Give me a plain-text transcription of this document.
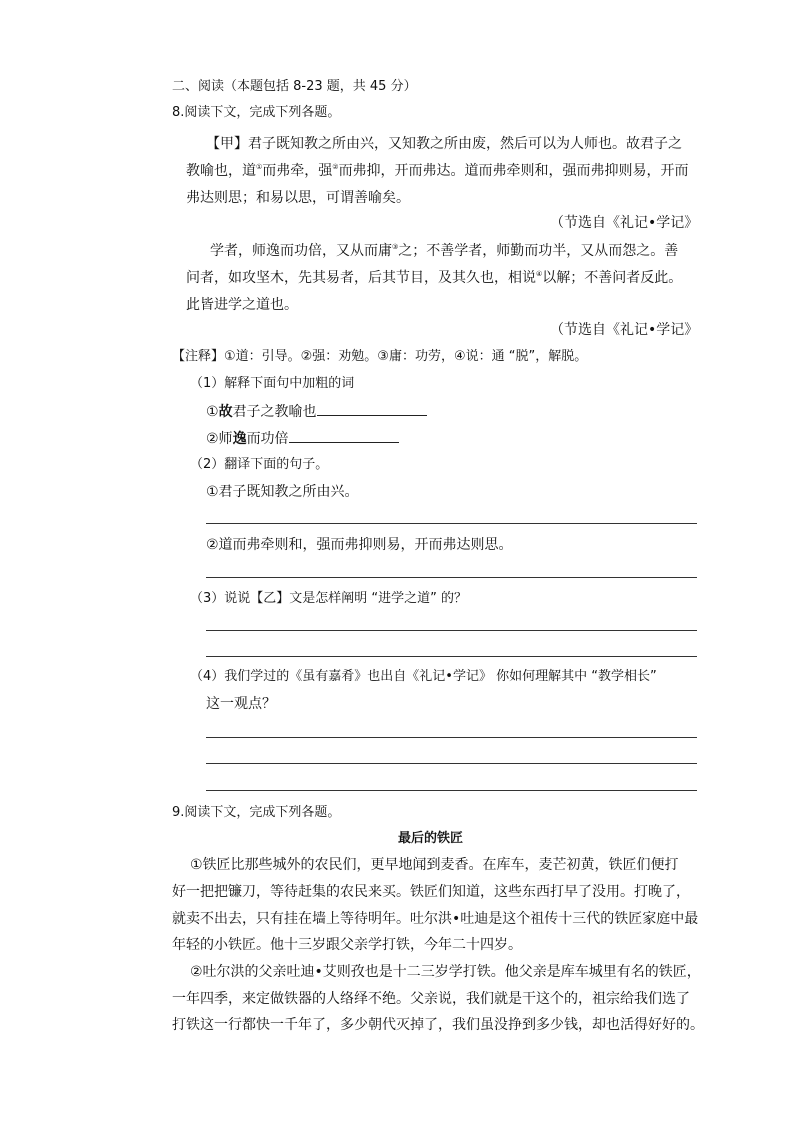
二、阅读（本题包括 8-23 题，共 45 分）
8.阅读下文，完成下列各题。
【甲】君子既知教之所由兴，又知教之所由废，然后可以为人师也。故君子之
教喻也，道①而弗牵，强②而弗抑，开而弗达。道而弗牵则和，强而弗抑则易，开而
弗达则思；和易以思，可谓善喻矣。
（节选自《礼记•学记》
学者，师逸而功倍，又从而庸③之；不善学者，师勤而功半，又从而怨之。善
问者，如攻坚木，先其易者，后其节目，及其久也，相说④以解；不善问者反此。
此皆进学之道也。
（节选自《礼记•学记》
【注释】①道：引导。②强：劝勉。③庸：功劳，④说：通 “脱”，解脱。
（1）解释下面句中加粗的词
①故君子之教喻也
②师逸而功倍
（2）翻译下面的句子。
①君子既知教之所由兴。
②道而弗牵则和，强而弗抑则易，开而弗达则思。
（3）说说【乙】文是怎样阐明 “进学之道” 的？
（4）我们学过的《虽有嘉肴》也出自《礼记•学记》 你如何理解其中 “教学相长”
这一观点？
9.阅读下文，完成下列各题。
最后的铁匠
①铁匠比那些城外的农民们，更早地闻到麦香。在库车，麦芒初黄，铁匠们便打
好一把把镰刀，等待赶集的农民来买。铁匠们知道，这些东西打早了没用。打晚了，
就卖不出去，只有挂在墙上等待明年。吐尔洪•吐迪是这个祖传十三代的铁匠家庭中最
年轻的小铁匠。他十三岁跟父亲学打铁，今年二十四岁。
②吐尔洪的父亲吐迪•艾则孜也是十二三岁学打铁。他父亲是库车城里有名的铁匠，
一年四季，来定做铁器的人络绎不绝。父亲说，我们就是干这个的，祖宗给我们选了
打铁这一行都快一千年了，多少朝代灭掉了，我们虽没挣到多少钱，却也活得好好的。
